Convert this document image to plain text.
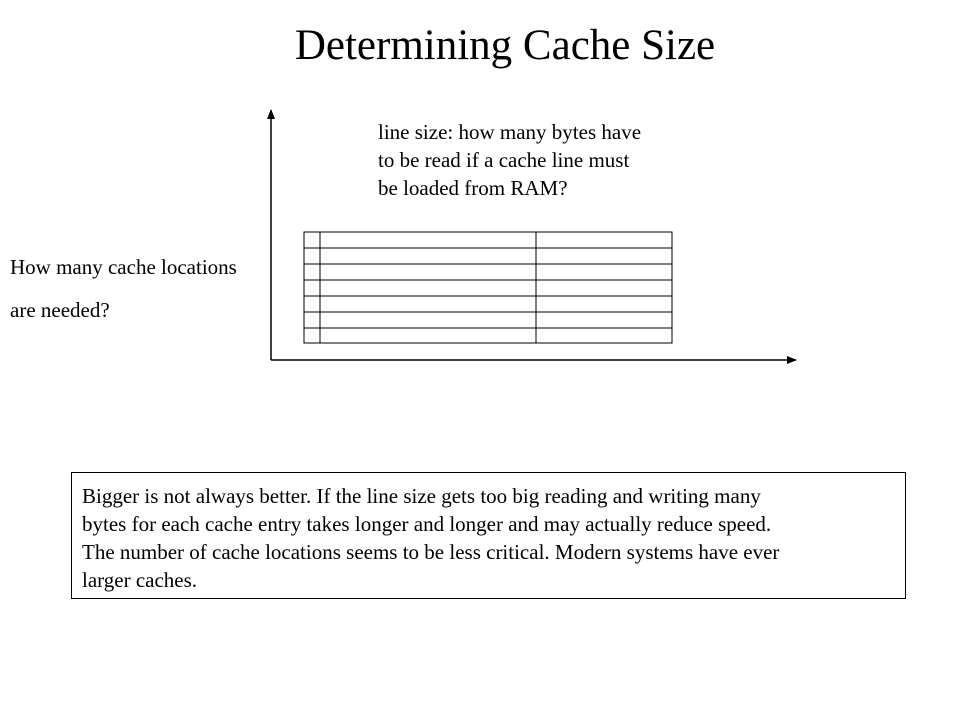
Determining Cache Size
line size: how many bytes have
to be read if a cache line must
be loaded from RAM?
How many cache locations
are needed?
Bigger is not always better. If the line size gets too big reading and writing many
bytes for each cache entry takes longer and longer and may actually reduce speed.
The number of cache locations seems to be less critical. Modern systems have ever
larger caches.
